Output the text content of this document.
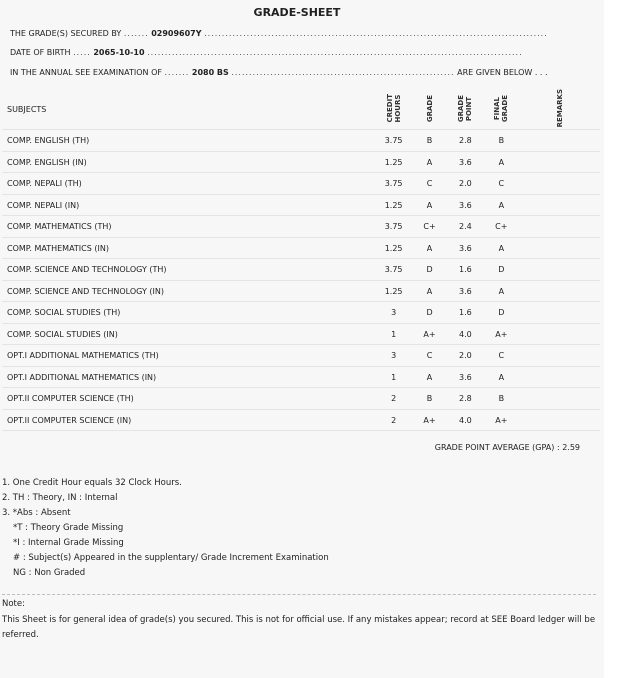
GRADE-SHEET
THE GRADE(S) SECURED BY ....... 02909607Y .................................................................................................
DATE OF BIRTH ..... 2065-10-10 ..........................................................................................................
IN THE ANNUAL SEE EXAMINATION OF ....... 2080 BS ............................................................... ARE GIVEN BELOW . . .
SUBJECTS	CREDIT HOURS	GRADE	GRADE POINT	FINAL GRADE	REMARKS

COMP. ENGLISH (TH)	3.75	B	2.8	B	
COMP. ENGLISH (IN)	1.25	A	3.6	A	
COMP. NEPALI (TH)	3.75	C	2.0	C	
COMP. NEPALI (IN)	1.25	A	3.6	A	
COMP. MATHEMATICS (TH)	3.75	C+	2.4	C+	
COMP. MATHEMATICS (IN)	1.25	A	3.6	A	
COMP. SCIENCE AND TECHNOLOGY (TH)	3.75	D	1.6	D	
COMP. SCIENCE AND TECHNOLOGY (IN)	1.25	A	3.6	A	
COMP. SOCIAL STUDIES (TH)	3	D	1.6	D	
COMP. SOCIAL STUDIES (IN)	1	A+	4.0	A+	
OPT.I ADDITIONAL MATHEMATICS (TH)	3	C	2.0	C	
OPT.I ADDITIONAL MATHEMATICS (IN)	1	A	3.6	A	
OPT.II COMPUTER SCIENCE (TH)	2	B	2.8	B	
OPT.II COMPUTER SCIENCE (IN)	2	A+	4.0	A+	
GRADE POINT AVERAGE (GPA) : 2.59
1. One Credit Hour equals 32 Clock Hours.
2. TH : Theory, IN : Internal
3. *Abs : Absent
*T : Theory Grade Missing
*I : Internal Grade Missing
# : Subject(s) Appeared in the supplentary/ Grade Increment Examination
NG : Non Graded
Note:
This Sheet is for general idea of grade(s) you secured. This is not for official use. If any mistakes appear; record at SEE Board ledger will be referred.
